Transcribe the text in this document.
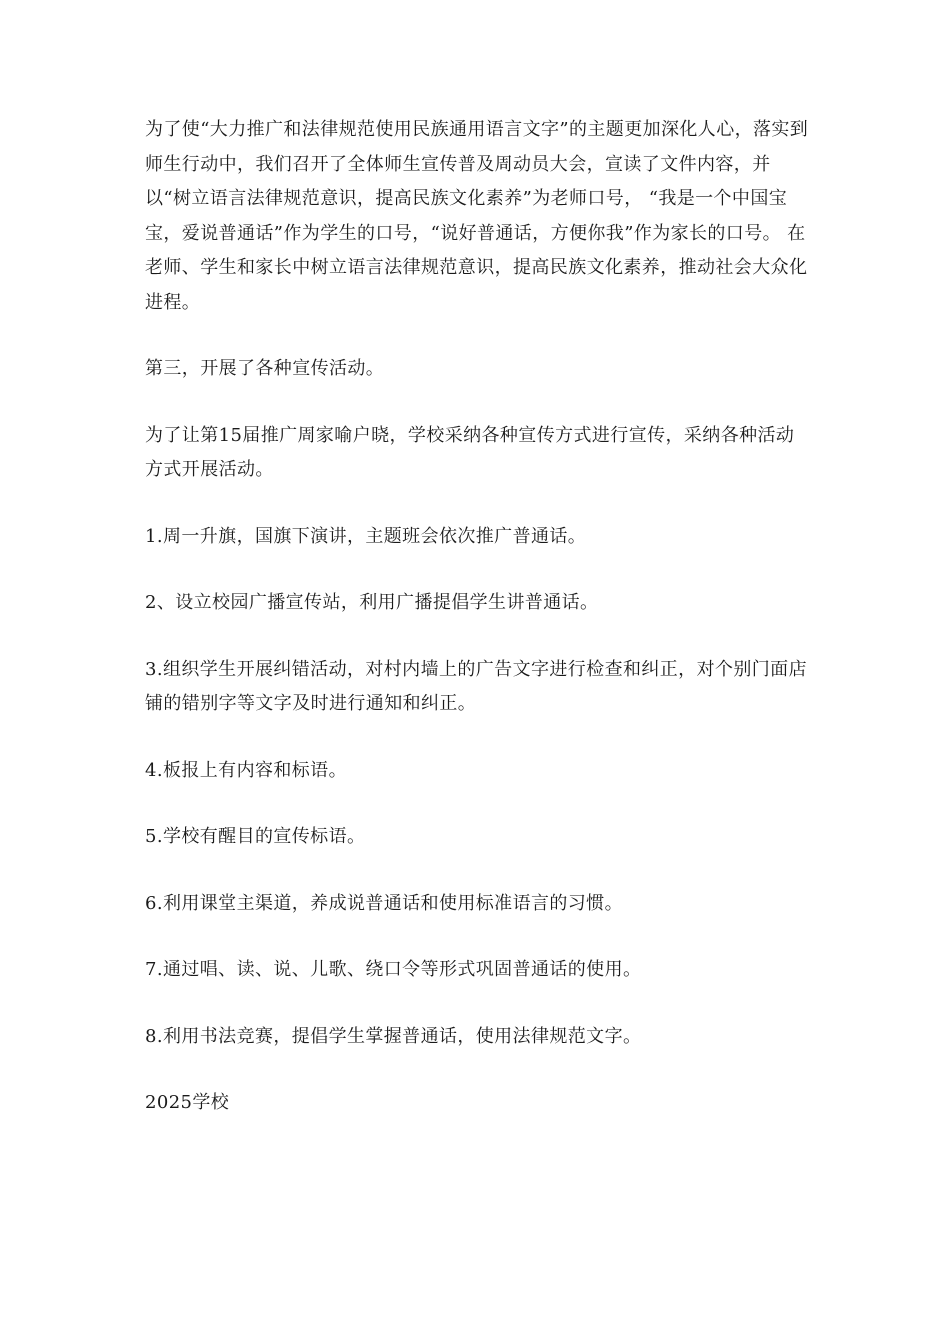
为了使“大力推广和法律规范使用民族通用语言文字”的主题更加深化人心，落实到师生行动中，我们召开了全体师生宣传普及周动员大会，宣读了文件内容，并以“树立语言法律规范意识，提高民族文化素养”为老师口号， “我是一个中国宝宝，爱说普通话”作为学生的口号，“说好普通话，方便你我”作为家长的口号。 在老师、学生和家长中树立语言法律规范意识，提高民族文化素养，推动社会大众化进程。

第三，开展了各种宣传活动。

为了让第15届推广周家喻户晓，学校采纳各种宣传方式进行宣传，采纳各种活动方式开展活动。

1.周一升旗，国旗下演讲，主题班会依次推广普通话。

2、设立校园广播宣传站，利用广播提倡学生讲普通话。

3.组织学生开展纠错活动，对村内墙上的广告文字进行检查和纠正，对个别门面店铺的错别字等文字及时进行通知和纠正。

4.板报上有内容和标语。

5.学校有醒目的宣传标语。

6.利用课堂主渠道，养成说普通话和使用标准语言的习惯。

7.通过唱、读、说、儿歌、绕口令等形式巩固普通话的使用。

8.利用书法竞赛，提倡学生掌握普通话，使用法律规范文字。

2025学校
